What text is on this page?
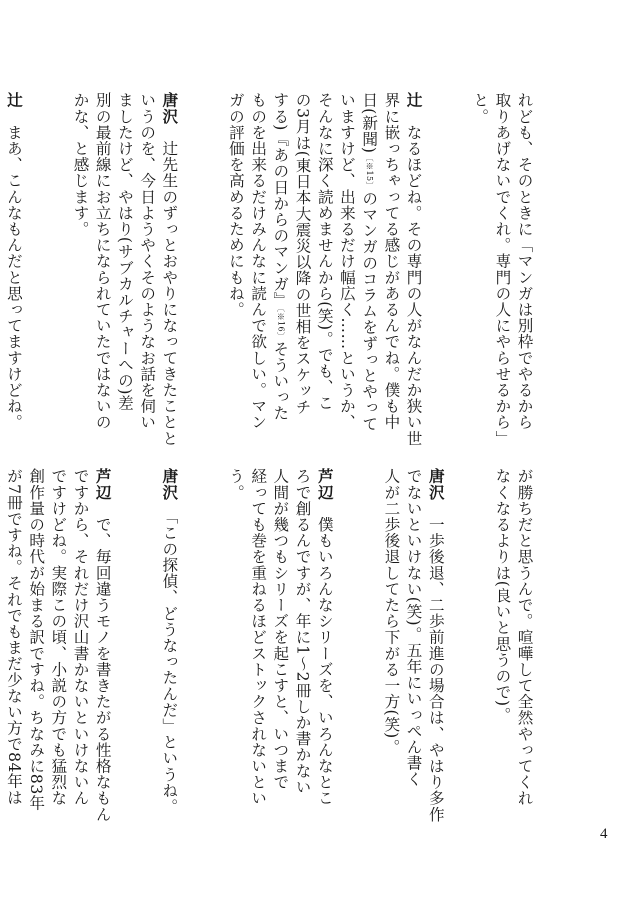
れども、そのときに「マンガは別枠でやるから
取りあげないでくれ。専門の人にやらせるから」
と。

辻　なるほどね。その専門の人がなんだか狭い世
界に嵌っちゃってる感じがあるんでね。僕も中
日(新聞)〔※15〕のマンガのコラムをずっとやって
いますけど、出来るだけ幅広く……というか、
そんなに深く読めませんから(笑)。でも、こ
の3月は(東日本大震災以降の世相をスケッチ
する)『あの日からのマンガ』〔※16〕そういった
ものを出来るだけみんなに読んで欲しい。マン
ガの評価を高めるためにもね。

唐沢　辻先生のずっとおやりになってきたことと
いうのを、今日ようやくそのようなお話を伺い
ましたけど、やはり(サブカルチャーへの)差
別の最前線にお立ちになられていたではないの
かな、と感じます。

辻　まあ、こんなもんだと思ってますけどね。

が勝ちだと思うんで。喧嘩して全然やってくれ
なくなるよりは(良いと思うので)。

唐沢　一歩後退、二歩前進の場合は、やはり多作
でないといけない(笑)。五年にいっぺん書く
人が二歩後退してたら下がる一方(笑)。

芦辺　僕もいろんなシリーズを、いろんなとこ
ろで創るんですが、年に1〜2冊しか書かない
人間が幾つもシリーズを起こすと、いつまで
経っても巻を重ねるほどストックされないとい
う。

唐沢　「この探偵、どうなったんだ」というね。

芦辺　で、毎回違うモノを書きたがる性格なもん
ですから、それだけ沢山書かないといけないん
ですけどね。実際この頃、小説の方でも猛烈な
創作量の時代が始まる訳ですね。ちなみに83年
が7冊ですね。それでもまだ少ない方で84年は

4
